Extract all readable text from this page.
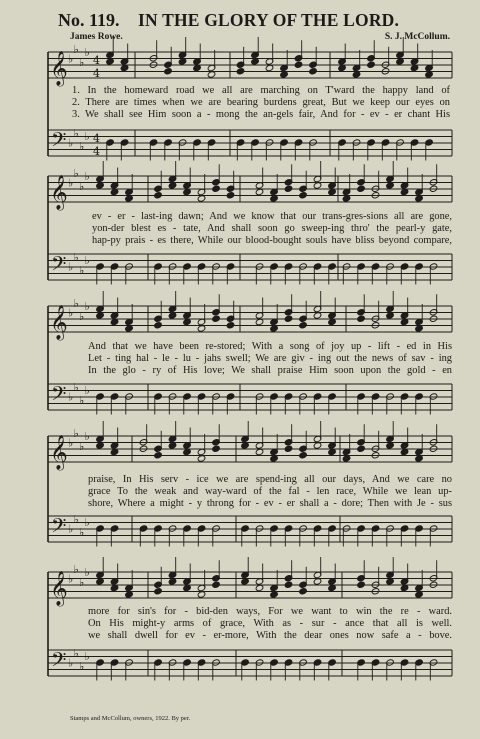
No. 119. IN THE GLORY OF THE LORD.
James Rowe.	S. J. McCollum.
𝄞
𝄢
♭
♭
♭
♭
♭
♭
♭
♭
4
4
4
4
𝄞
𝄢
♭
♭
♭
♭
♭
♭
♭
♭
𝄞
𝄢
♭
♭
♭
♭
♭
♭
♭
♭
𝄞
𝄢
♭
♭
♭
♭
♭
♭
♭
♭
𝄞
𝄢
♭
♭
♭
♭
♭
♭
♭
♭
1. In the homeward road we all are marching on T'ward the happy land of
2. There are times when we are bearing burdens great, But we keep our eyes on
3. We shall see Him soon a - mong the an-gels fair, And for - ev - er chant His
ev - er - last-ing dawn; And we know that our trans-gres-sions all are gone,
yon-der blest es - tate, And shall soon go sweep-ing thro' the pearl-y gate,
hap-py prais - es there, While our blood-bought souls have bliss beyond compare,
And that we have been re-stored; With a song of joy up - lift - ed in His
Let - ting hal - le - lu - jahs swell; We are giv - ing out the news of sav - ing
In the glo - ry of His love; We shall praise Him soon upon the gold - en
praise, In His serv - ice we are spend-ing all our days, And we care no
grace To the weak and way-ward of the fal - len race, While we lean up-
shore, Where a might - y throng for - ev - er shall a - dore; Then with Je - sus
more for sin's for - bid-den ways, For we want to win the re - ward.
On His might-y arms of grace, With as - sur - ance that all is well.
we shall dwell for ev - er-more, With the dear ones now safe a - bove.
Stamps and McCollum, owners, 1922. By per.
